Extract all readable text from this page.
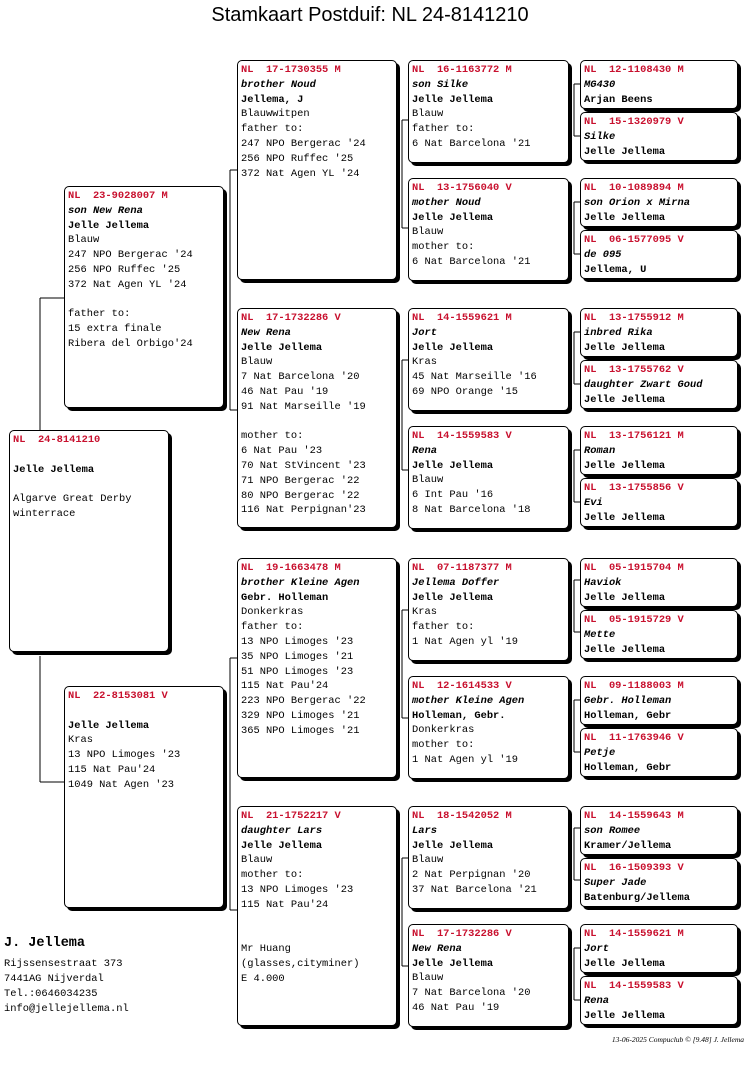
Stamkaart Postduif: NL 24-8141210
NL  24-8141210
Jelle Jellema
Algarve Great Derby
winterrace
NL  23-9028007 M
son New Rena
Jelle Jellema
Blauw
247 NPO Bergerac '24
256 NPO Ruffec '25
372 Nat Agen YL '24
father to:
15 extra finale
Ribera del Orbigo'24
NL  22-8153081 V
Jelle Jellema
Kras
13 NPO Limoges '23
115 Nat Pau'24
1049 Nat Agen '23
NL  17-1730355 M
brother Noud
Jellema, J
Blauwwitpen
father to:
247 NPO Bergerac '24
256 NPO Ruffec '25
372 Nat Agen YL '24
NL  17-1732286 V
New Rena
Jelle Jellema
Blauw
7 Nat Barcelona '20
46 Nat Pau '19
91 Nat Marseille '19
mother to:
6 Nat Pau '23
70 Nat StVincent '23
71 NPO Bergerac '22
80 NPO Bergerac '22
116 Nat Perpignan'23
NL  19-1663478 M
brother Kleine Agen
Gebr. Holleman
Donkerkras
father to:
13 NPO Limoges '23
35 NPO Limoges '21
51 NPO Limoges '23
115 Nat Pau'24
223 NPO Bergerac '22
329 NPO Limoges '21
365 NPO Limoges '21
NL  21-1752217 V
daughter Lars
Jelle Jellema
Blauw
mother to:
13 NPO Limoges '23
115 Nat Pau'24
Mr Huang
(glasses,cityminer)
E 4.000
NL  16-1163772 M
son Silke
Jelle Jellema
Blauw
father to:
6 Nat Barcelona '21
NL  13-1756040 V
mother Noud
Jelle Jellema
Blauw
mother to:
6 Nat Barcelona '21
NL  14-1559621 M
Jort
Jelle Jellema
Kras
45 Nat Marseille '16
69 NPO Orange '15
NL  14-1559583 V
Rena
Jelle Jellema
Blauw
6 Int Pau '16
8 Nat Barcelona '18
NL  07-1187377 M
Jellema Doffer
Jelle Jellema
Kras
father to:
1 Nat Agen yl '19
NL  12-1614533 V
mother Kleine Agen
Holleman, Gebr.
Donkerkras
mother to:
1 Nat Agen yl '19
NL  18-1542052 M
Lars
Jelle Jellema
Blauw
2 Nat Perpignan '20
37 Nat Barcelona '21
NL  17-1732286 V
New Rena
Jelle Jellema
Blauw
7 Nat Barcelona '20
46 Nat Pau '19
NL  12-1108430 M
MG430
Arjan Beens
NL  15-1320979 V
Silke
Jelle Jellema
NL  10-1089894 M
son Orion x Mirna
Jelle Jellema
NL  06-1577095 V
de 095
Jellema, U
NL  13-1755912 M
inbred Rika
Jelle Jellema
NL  13-1755762 V
daughter Zwart Goud
Jelle Jellema
NL  13-1756121 M
Roman
Jelle Jellema
NL  13-1755856 V
Evi
Jelle Jellema
NL  05-1915704 M
Haviok
Jelle Jellema
NL  05-1915729 V
Mette
Jelle Jellema
NL  09-1188003 M
Gebr. Holleman
Holleman, Gebr
NL  11-1763946 V
Petje
Holleman, Gebr
NL  14-1559643 M
son Romee
Kramer/Jellema
NL  16-1509393 V
Super Jade
Batenburg/Jellema
NL  14-1559621 M
Jort
Jelle Jellema
NL  14-1559583 V
Rena
Jelle Jellema
J. Jellema
Rijssensestraat 373
7441AG Nijverdal
Tel.:0646034235
info@jellejellema.nl
13-06-2025 Compuclub © [9.48] J. Jellema
